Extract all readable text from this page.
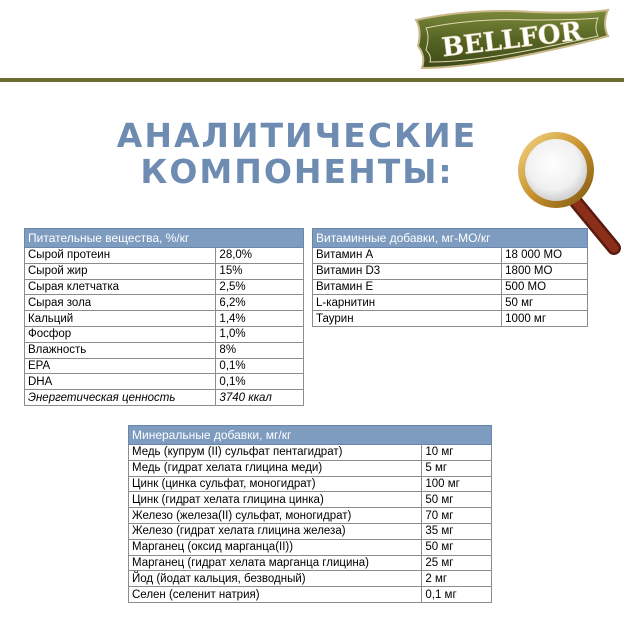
BELLFOR
АНАЛИТИЧЕСКИЕ
КОМПОНЕНТЫ:
Питательные вещества, %/кг	
Сырой протеин	28,0%
Сырой жир	15%
Сырая клетчатка	2,5%
Сырая зола	6,2%
Кальций	1,4%
Фосфор	1,0%
Влажность	8%
EPA	0,1%
DHA	0,1%
Энергетическая ценность	3740 ккал
Витаминные добавки, мг-МО/кг	
Витамин А	18 000 МО
Витамин D3	1800 МО
Витамин Е	500 МО
L-карнитин	50 мг
Таурин	1000 мг
Минеральные добавки, мг/кг	
Медь (купрум (II) сульфат пентагидрат)	10 мг
Медь (гидрат хелата глицина меди)	5 мг
Цинк (цинка сульфат, моногидрат)	100 мг
Цинк (гидрат хелата глицина цинка)	50 мг
Железо (железа(II) сульфат, моногидрат)	70 мг
Железо (гидрат хелата глицина железа)	35 мг
Марганец (оксид марганца(II))	50 мг
Марганец (гидрат хелата марганца глицина)	25 мг
Йод (йодат кальция, безводный)	2 мг
Селен (селенит натрия)	0,1 мг
